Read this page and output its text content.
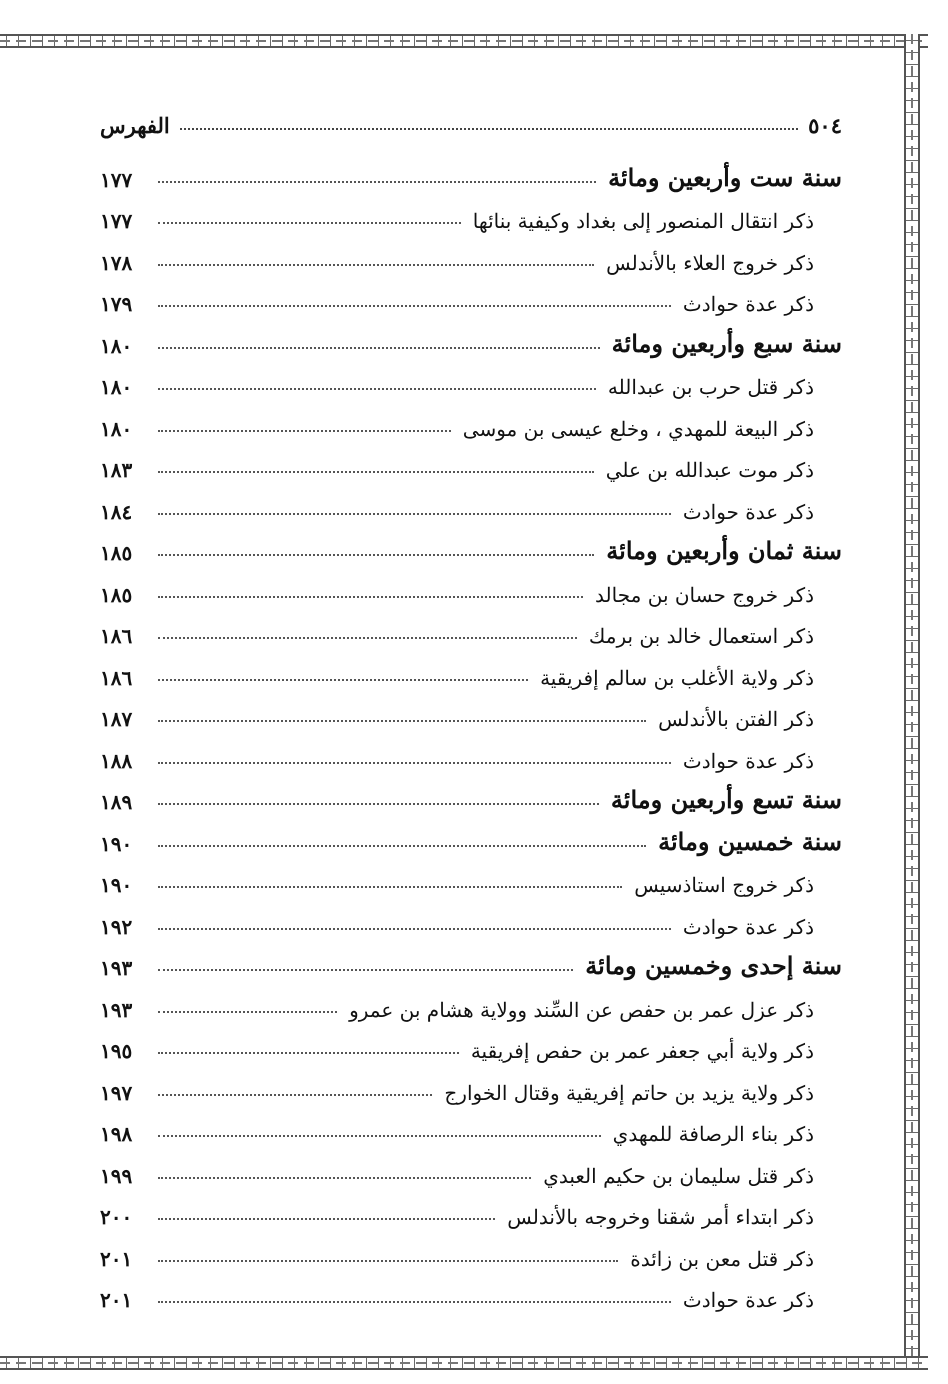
٥٠٤
الفهرس
سنة ست وأربعين ومائة
١٧٧
ذكر انتقال المنصور إلى بغداد وكيفية بنائها
١٧٧
ذكر خروج العلاء بالأندلس
١٧٨
ذكر عدة حوادث
١٧٩
سنة سبع وأربعين ومائة
١٨٠
ذكر قتل حرب بن عبدالله
١٨٠
ذكر البيعة للمهدي ، وخلع عيسى بن موسى
١٨٠
ذكر موت عبدالله بن علي
١٨٣
ذكر عدة حوادث
١٨٤
سنة ثمان وأربعين ومائة
١٨٥
ذكر خروج حسان بن مجالد
١٨٥
ذكر استعمال خالد بن برمك
١٨٦
ذكر ولاية الأغلب بن سالم إفريقية
١٨٦
ذكر الفتن بالأندلس
١٨٧
ذكر عدة حوادث
١٨٨
سنة تسع وأربعين ومائة
١٨٩
سنة خمسين ومائة
١٩٠
ذكر خروج استاذسيس
١٩٠
ذكر عدة حوادث
١٩٢
سنة إحدى وخمسين ومائة
١٩٣
ذكر عزل عمر بن حفص عن السِّند وولاية هشام بن عمرو
١٩٣
ذكر ولاية أبي جعفر عمر بن حفص إفريقية
١٩٥
ذكر ولاية يزيد بن حاتم إفريقية وقتال الخوارج
١٩٧
ذكر بناء الرصافة للمهدي
١٩٨
ذكر قتل سليمان بن حكيم العبدي
١٩٩
ذكر ابتداء أمر شقنا وخروجه بالأندلس
٢٠٠
ذكر قتل معن بن زائدة
٢٠١
ذكر عدة حوادث
٢٠١
